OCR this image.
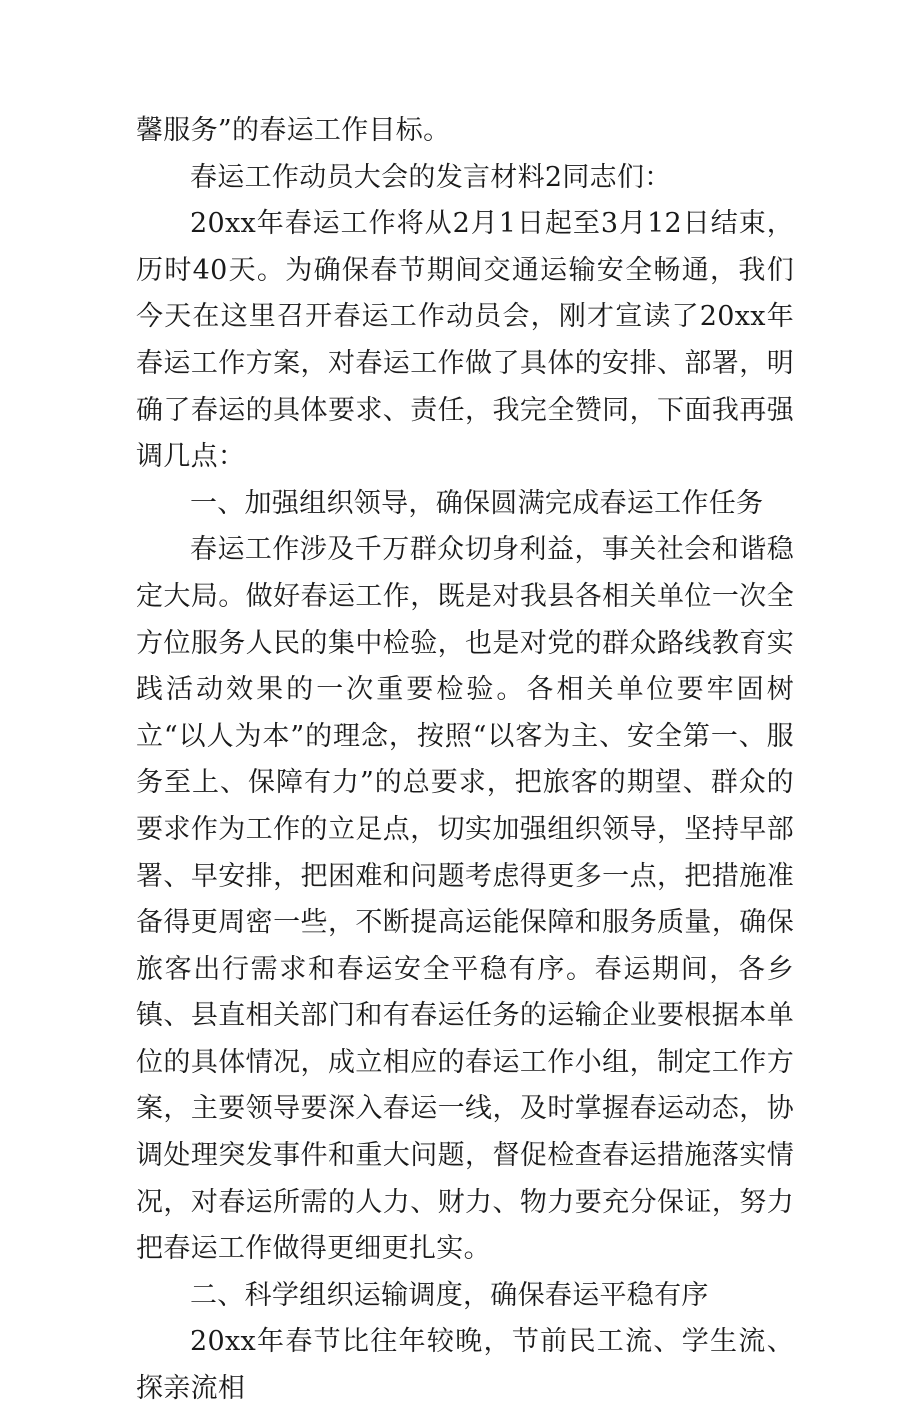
馨服务”的春运工作目标。

春运工作动员大会的发言材料2同志们：

20xx年春运工作将从2月1日起至3月12日结束，历时40天。为确保春节期间交通运输安全畅通，我们今天在这里召开春运工作动员会，刚才宣读了20xx年春运工作方案，对春运工作做了具体的安排、部署，明确了春运的具体要求、责任，我完全赞同，下面我再强调几点：

一、加强组织领导，确保圆满完成春运工作任务

春运工作涉及千万群众切身利益，事关社会和谐稳定大局。做好春运工作，既是对我县各相关单位一次全方位服务人民的集中检验，也是对党的群众路线教育实践活动效果的一次重要检验。各相关单位要牢固树立“以人为本”的理念，按照“以客为主、安全第一、服务至上、保障有力”的总要求，把旅客的期望、群众的要求作为工作的立足点，切实加强组织领导，坚持早部署、早安排，把困难和问题考虑得更多一点，把措施准备得更周密一些，不断提高运能保障和服务质量，确保旅客出行需求和春运安全平稳有序。春运期间，各乡镇、县直相关部门和有春运任务的运输企业要根据本单位的具体情况，成立相应的春运工作小组，制定工作方案，主要领导要深入春运一线，及时掌握春运动态，协调处理突发事件和重大问题，督促检查春运措施落实情况，对春运所需的人力、财力、物力要充分保证，努力把春运工作做得更细更扎实。

二、科学组织运输调度，确保春运平稳有序

20xx年春节比往年较晚，节前民工流、学生流、探亲流相
